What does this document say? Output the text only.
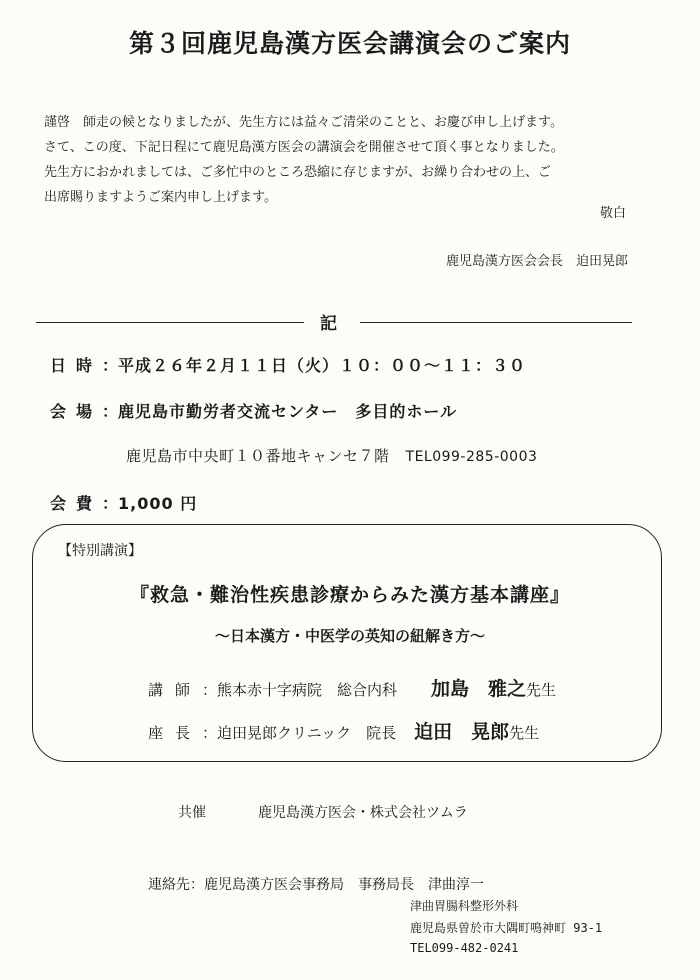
第３回鹿児島漢方医会講演会のご案内
謹啓　師走の候となりましたが、先生方には益々ご清栄のことと、お慶び申し上げます。
さて、この度、下記日程にて鹿児島漢方医会の講演会を開催させて頂く事となりました。
先生方におかれましては、ご多忙中のところ恐縮に存じますが、お繰り合わせの上、ご
出席賜りますようご案内申し上げます。
敬白
鹿児島漢方医会会長　迫田晃郎
記
日時：平成２６年２月１１日（火）１０：００～１１：３０
会場：鹿児島市勤労者交流センター　多目的ホール
鹿児島市中央町１０番地キャンセ７階 TEL099-285-0003
会費：1,000 円
【特別講演】
『救急・難治性疾患診療からみた漢方基本講座』
～日本漢方・中医学の英知の紐解き方～
講師：熊本赤十字病院　総合内科 加島　雅之先生
座長：迫田晃郎クリニック　院長 迫田　晃郎先生
共催	鹿児島漢方医会・株式会社ツムラ
連絡先：鹿児島漢方医会事務局　事務局長　津曲淳一
津曲胃腸科整形外科
鹿児島県曽於市大隅町鳴神町 93-1
TEL099-482-0241
